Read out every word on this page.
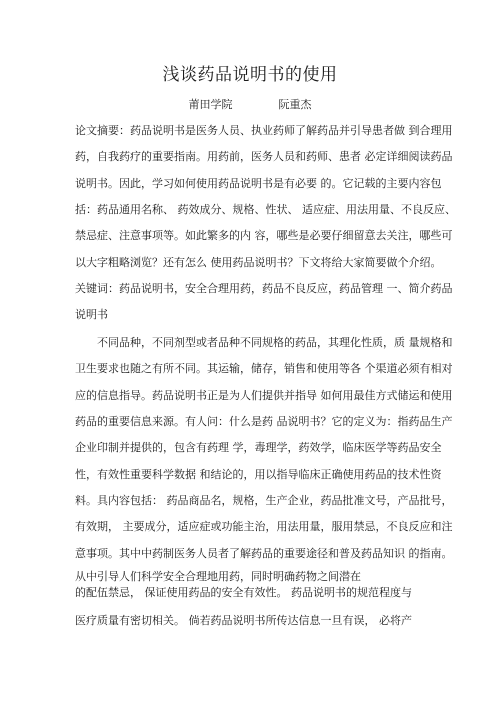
浅谈药品说明书的使用
莆田学院	阮重杰
论文摘要：药品说明书是医务人员、执业药师了解药品并引导患者做 到合理用
药，自我药疗的重要指南。用药前，医务人员和药师、患者 必定详细阅读药品
说明书。因此，学习如何使用药品说明书是有必要 的。它记载的主要内容包
括：药品通用名称、 药效成分、规格、性状、 适应症、用法用量、不良反应、
禁忌症、注意事项等。如此繁多的内 容，哪些是必要仔细留意去关注，哪些可
以大字粗略浏览？还有怎么 使用药品说明书？下文将给大家简要做个介绍。
关键词：药品说明书，安全合理用药，药品不良反应，药品管理 一、简介药品
说明书
不同品种，不同剂型或者品种不同规格的药品，其理化性质，质 量规格和
卫生要求也随之有所不同。其运输，储存，销售和使用等各 个渠道必须有相对
应的信息指导。药品说明书正是为人们提供并指导 如何用最佳方式储运和使用
药品的重要信息来源。有人问：什么是药 品说明书？它的定义为：指药品生产
企业印制并提供的，包含有药理 学，毒理学，药效学，临床医学等药品安全
性，有效性重要科学数据 和结论的，用以指导临床正确使用药品的技术性资
料。具内容包括： 药品商品名，规格，生产企业，药品批准文号，产品批号，
有效期， 主要成分，适应症或功能主治，用法用量，服用禁忌，不良反应和注
意事项。其中中药制医务人员者了解药品的重要途径和普及药品知识 的指南。
从中引导人们科学安全合理地用药，同时明确药物之间潜在
的配伍禁忌， 保证使用药品的安全有效性。 药品说明书的规范程度与
医疗质量有密切相关。 倘若药品说明书所传达信息一旦有误， 必将产
